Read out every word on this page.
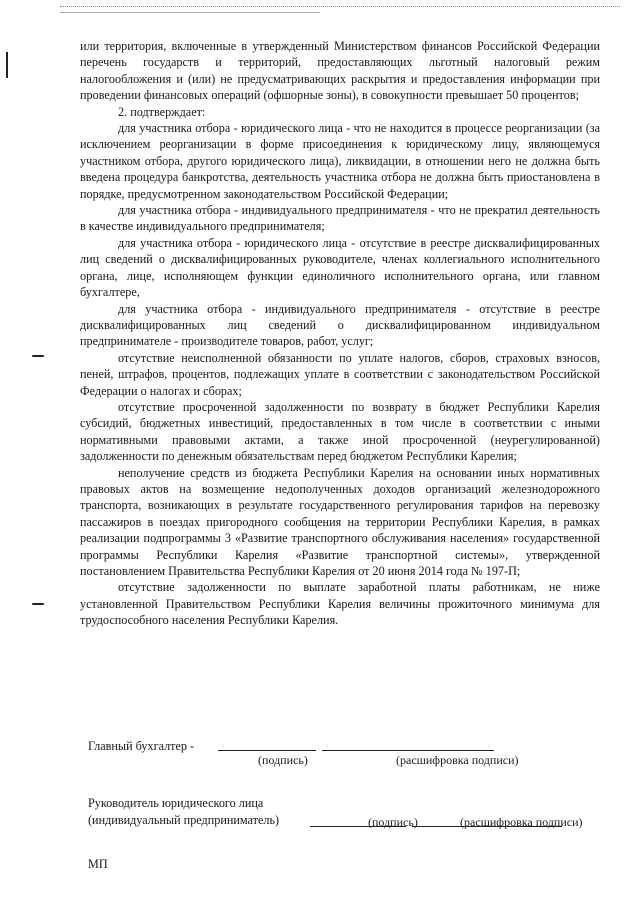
или территория, включенные в утвержденный Министерством финансов Российской Федерации перечень государств и территорий, предоставляющих льготный налоговый режим налогообложения и (или) не предусматривающих раскрытия и предоставления информации при проведении финансовых операций (офшорные зоны), в совокупности превышает 50 процентов;

2. подтверждает:

для участника отбора - юридического лица - что не находится в процессе реорганизации (за исключением реорганизации в форме присоединения к юридическому лицу, являющемуся участником отбора, другого юридического лица), ликвидации, в отношении него не должна быть введена процедура банкротства, деятельность участника отбора не должна быть приостановлена в порядке, предусмотренном законодательством Российской Федерации;

для участника отбора - индивидуального предпринимателя - что не прекратил деятельность в качестве индивидуального предпринимателя;

для участника отбора - юридического лица - отсутствие в реестре дисквалифицированных лиц сведений о дисквалифицированных руководителе, членах коллегиального исполнительного органа, лице, исполняющем функции единоличного исполнительного органа, или главном бухгалтере,

для участника отбора - индивидуального предпринимателя - отсутствие в реестре дисквалифицированных лиц сведений о дисквалифицированном индивидуальном предпринимателе - производителе товаров, работ, услуг;

отсутствие неисполненной обязанности по уплате налогов, сборов, страховых взносов, пеней, штрафов, процентов, подлежащих уплате в соответствии с законодательством Российской Федерации о налогах и сборах;

отсутствие просроченной задолженности по возврату в бюджет Республики Карелия субсидий, бюджетных инвестиций, предоставленных в том числе в соответствии с иными нормативными правовыми актами, а также иной просроченной (неурегулированной) задолженности по денежным обязательствам перед бюджетом Республики Карелия;

неполучение средств из бюджета Республики Карелия на основании иных нормативных правовых актов на возмещение недополученных доходов организаций железнодорожного транспорта, возникающих в результате государственного регулирования тарифов на перевозку пассажиров в поездах пригородного сообщения на территории Республики Карелия, в рамках реализации подпрограммы 3 «Развитие транспортного обслуживания населения» государственной программы Республики Карелия «Развитие транспортной системы», утвержденной постановлением Правительства Республики Карелия от 20 июня 2014 года № 197-П;

отсутствие задолженности по выплате заработной платы работникам, не ниже установленной Правительством Республики Карелия величины прожиточного минимума для трудоспособного населения Республики Карелия.

Главный бухгалтер -
(подпись)	(расшифровка подписи)
Руководитель юридического лица
(индивидуальный предприниматель)	(подпись)	(расшифровка подписи)
МП
